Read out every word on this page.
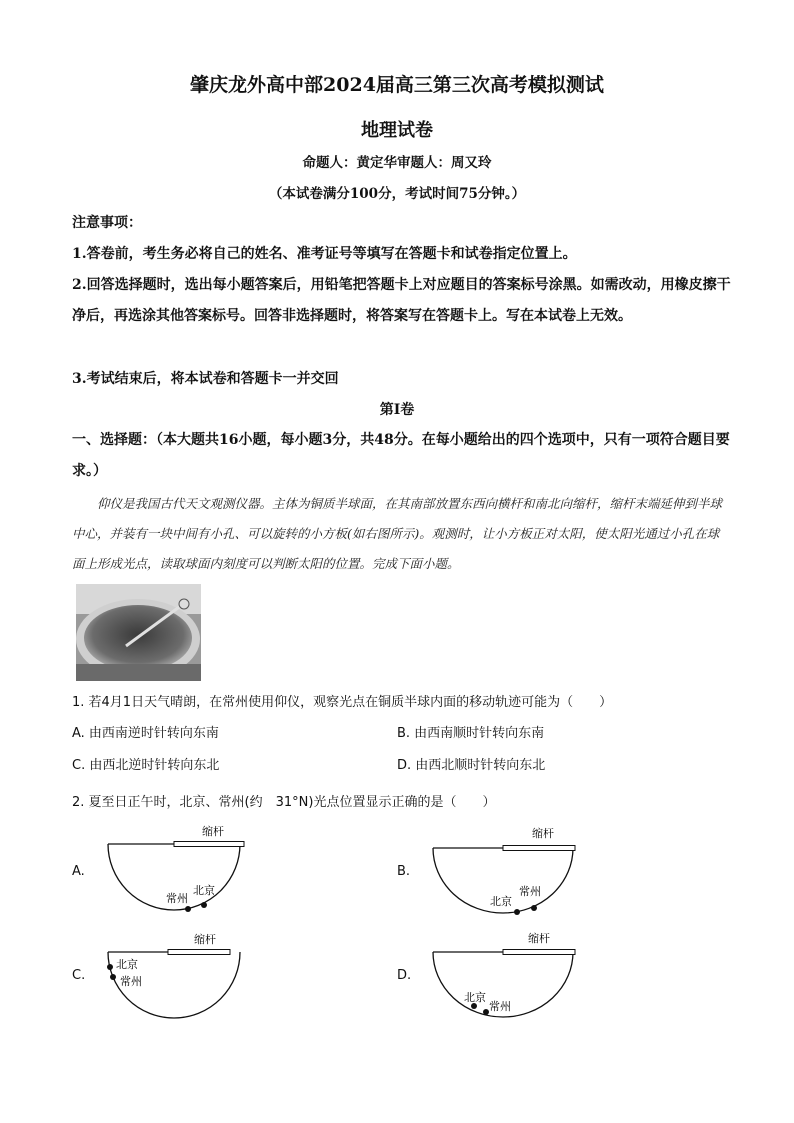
肇庆龙外高中部2024届高三第三次高考模拟测试
地理试卷
命题人：黄定华审题人：周又玲
（本试卷满分100分，考试时间75分钟。）
注意事项：
1.答卷前，考生务必将自己的姓名、准考证号等填写在答题卡和试卷指定位置上。
2.回答选择题时，选出每小题答案后，用铅笔把答题卡上对应题目的答案标号涂黑。如需改动，用橡皮擦干净后，再选涂其他答案标号。回答非选择题时，将答案写在答题卡上。写在本试卷上无效。
3.考试结束后，将本试卷和答题卡一并交回
第Ⅰ卷
一、选择题：（本大题共16小题，每小题3分，共48分。在每小题给出的四个选项中，只有一项符合题目要求。）
仰仪是我国古代天文观测仪器。主体为铜质半球面，在其南部放置东西向横杆和南北向缩杆，缩杆末端延伸到半球中心，并装有一块中间有小孔、可以旋转的小方板(如右图所示)。观测时，让小方板正对太阳，使太阳光通过小孔在球面上形成光点，读取球面内刻度可以判断太阳的位置。完成下面小题。
1. 若4月1日天气晴朗，在常州使用仰仪，观察光点在铜质半球内面的移动轨迹可能为（　　）
A. 由西南逆时针转向东南	B. 由西南顺时针转向东南
C. 由西北逆时针转向东北	D. 由西北顺时针转向东北
2. 夏至日正午时，北京、常州(约　31°N)光点位置显示正确的是（　　）
A.	B.
C.	D.
缩杆
常州
北京
缩杆
北京
常州
缩杆
北京
常州
缩杆
北京
常州
